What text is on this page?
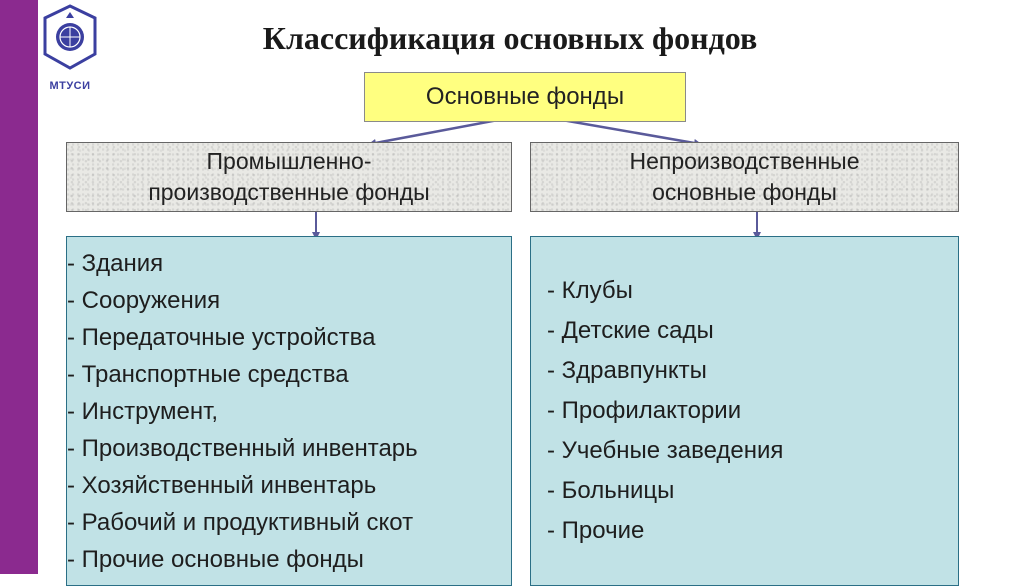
МТУСИ
Классификация основных фондов
Основные фонды
Промышленно-
производственные фонды
Непроизводственные
основные фонды
- Здания
- Сооружения
- Передаточные устройства
- Транспортные средства
- Инструмент,
- Производственный инвентарь
- Хозяйственный инвентарь
- Рабочий и продуктивный скот
- Прочие основные фонды
- Клубы
- Детские сады
- Здравпункты
- Профилактории
- Учебные заведения
- Больницы
- Прочие
